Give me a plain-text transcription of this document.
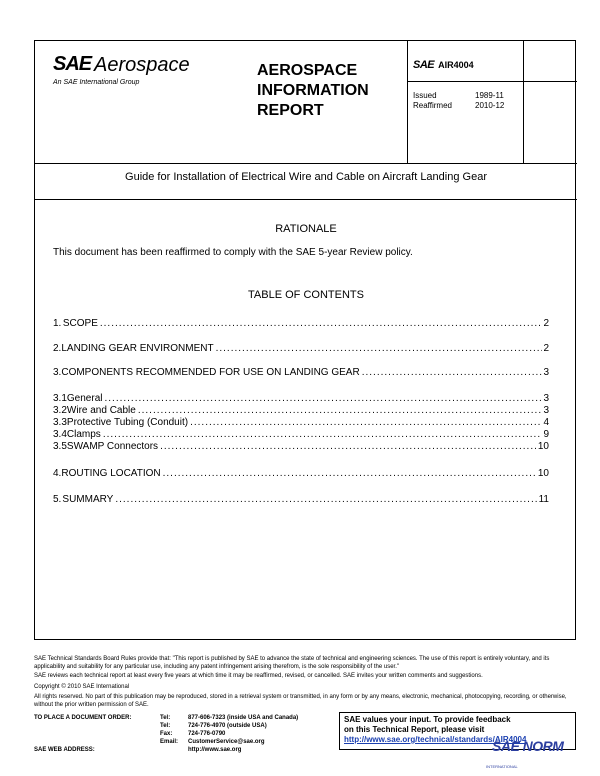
SAE Aerospace
An SAE International Group
AEROSPACE
INFORMATION
REPORT
SAE AIR4004
Issued	1989-11
Reaffirmed	2010-12
Guide for Installation of Electrical Wire and Cable on Aircraft Landing Gear
RATIONALE
This document has been reaffirmed to comply with the SAE 5-year Review policy.
TABLE OF CONTENTS
1. SCOPE .....	2
2. LANDING GEAR ENVIRONMENT .....	2
3. COMPONENTS RECOMMENDED FOR USE ON LANDING GEAR .....	3
3.1 General .....	3
3.2 Wire and Cable .....	3
3.3 Protective Tubing (Conduit) .....	4
3.4 Clamps .....	9
3.5 SWAMP Connectors .....	10
4. ROUTING LOCATION .....	10
5. SUMMARY .....	11
SAE Technical Standards Board Rules provide that: "This report is published by SAE to advance the state of technical and engineering sciences. The use of this report is entirely voluntary, and its applicability and suitability for any particular use, including any patent infringement arising therefrom, is the sole responsibility of the user."
SAE reviews each technical report at least every five years at which time it may be reaffirmed, revised, or cancelled. SAE invites your written comments and suggestions.
Copyright © 2010 SAE International
All rights reserved. No part of this publication may be reproduced, stored in a retrieval system or transmitted, in any form or by any means, electronic, mechanical, photocopying, recording, or otherwise, without the prior written permission of SAE.
TO PLACE A DOCUMENT ORDER:	Tel:	877-606-7323 (inside USA and Canada)
Tel:	724-776-4970 (outside USA)
Fax:	724-776-0790
Email:	CustomerService@sae.org
SAE WEB ADDRESS:	http://www.sae.org
SAE values your input. To provide feedback
on this Technical Report, please visit
http://www.sae.org/technical/standards/AIR4004
SAE NORM
INTERNATIONAL
